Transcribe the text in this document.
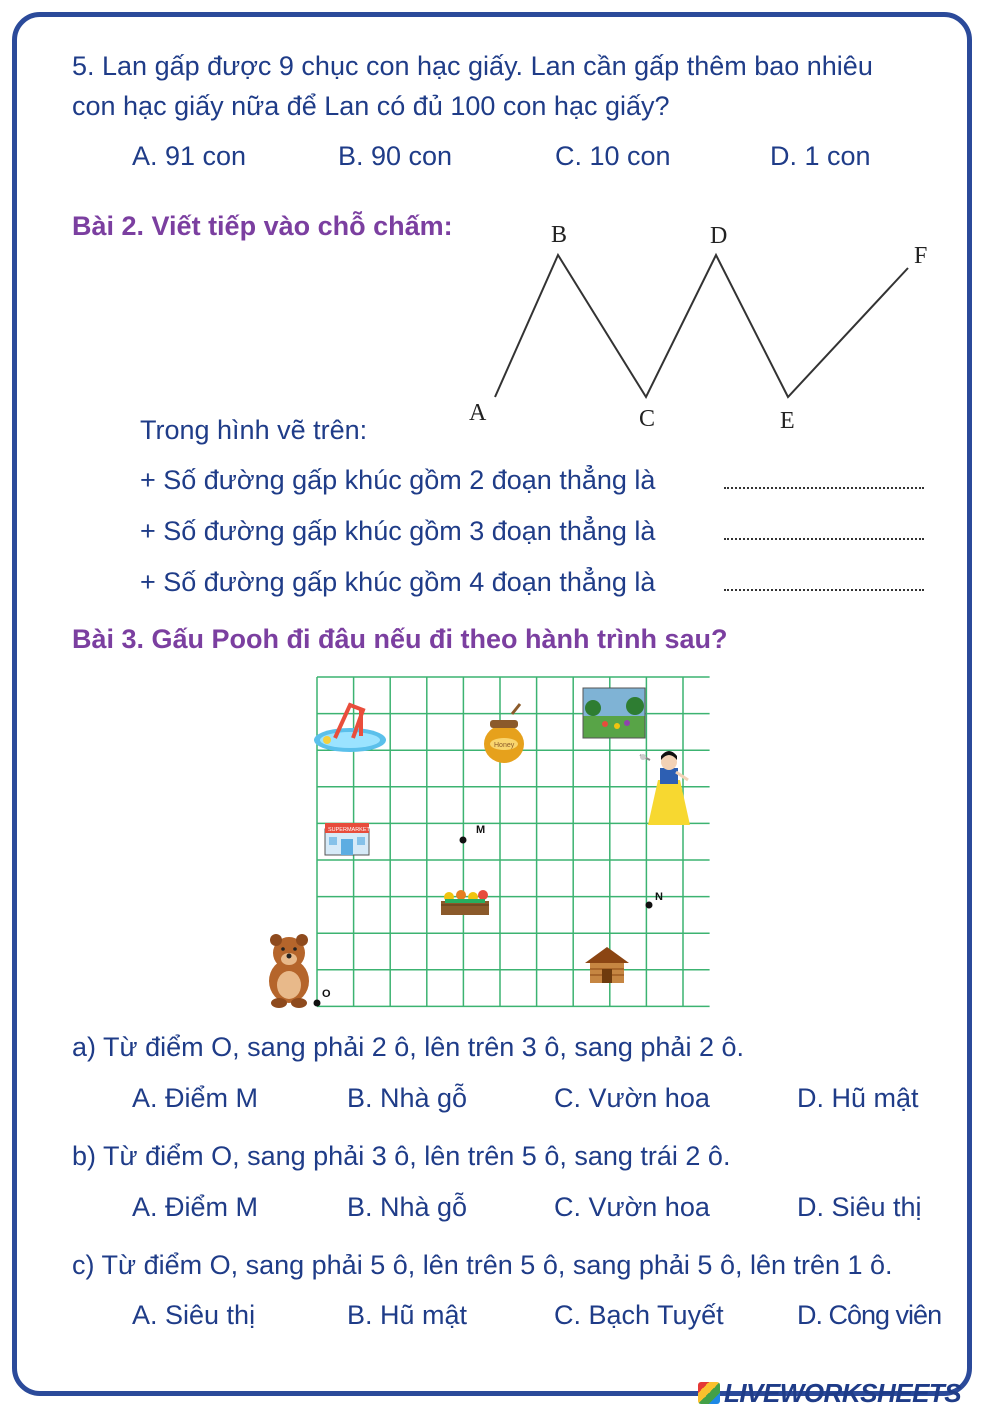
5. Lan gấp được 9 chục con hạc giấy. Lan cần gấp thêm bao nhiêu
con hạc giấy nữa để Lan có đủ 100 con hạc giấy?
A. 91 con	B. 90 con	C. 10 con	D. 1 con
Bài 2. Viết tiếp vào chỗ chấm:
A
B
C
D
E
F
Trong hình vẽ trên:
+ Số đường gấp khúc gồm 2 đoạn thẳng là
+ Số đường gấp khúc gồm 3 đoạn thẳng là
+ Số đường gấp khúc gồm 4 đoạn thẳng là
Bài 3. Gấu Pooh đi đâu nếu đi theo hành trình sau?
Honey
SUPERMARKET
O
M
N
a) Từ điểm O, sang phải 2 ô, lên trên 3 ô, sang phải 2 ô.
A. Điểm M	B. Nhà gỗ	C. Vườn hoa	D. Hũ mật
b) Từ điểm O, sang phải 3 ô, lên trên 5 ô, sang trái 2 ô.
A. Điểm M	B. Nhà gỗ	C. Vườn hoa	D. Siêu thị
c) Từ điểm O, sang phải 5 ô, lên trên 5 ô, sang phải 5 ô, lên trên 1 ô.
A. Siêu thị	B. Hũ mật	C. Bạch Tuyết	D. Công viên
LIVEWORKSHEETS
